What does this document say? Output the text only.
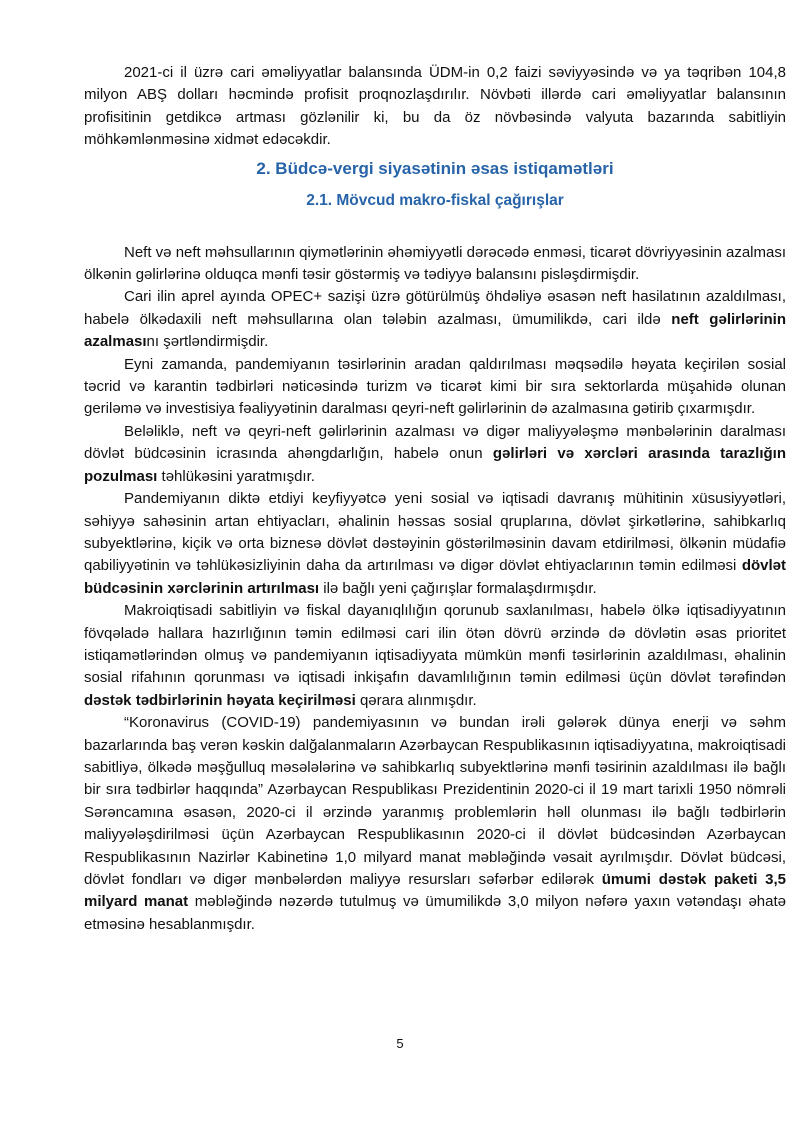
2021-ci il üzrə cari əməliyyatlar balansında ÜDM-in 0,2 faizi səviyyəsində və ya təqribən 104,8 milyon ABŞ dolları həcmində profisit proqnozlaşdırılır. Növbəti illərdə cari əməliyyatlar balansının profisitinin getdikcə artması gözlənilir ki, bu da öz növbəsində valyuta bazarında sabitliyin möhkəmlənməsinə xidmət edəcəkdir.

2. Büdcə-vergi siyasətinin əsas istiqamətləri

2.1. Mövcud makro-fiskal çağırışlar

Neft və neft məhsullarının qiymətlərinin əhəmiyyətli dərəcədə enməsi, ticarət dövriyyəsinin azalması ölkənin gəlirlərinə olduqca mənfi təsir göstərmiş və tədiyyə balansını pisləşdirmişdir.

Cari ilin aprel ayında OPEC+ sazişi üzrə götürülmüş öhdəliyə əsasən neft hasilatının azaldılması, habelə ölkədaxili neft məhsullarına olan tələbin azalması, ümumilikdə, cari ildə neft gəlirlərinin azalmasını şərtləndirmişdir.

Eyni zamanda, pandemiyanın təsirlərinin aradan qaldırılması məqsədilə həyata keçirilən sosial təcrid və karantin tədbirləri nəticəsində turizm və ticarət kimi bir sıra sektorlarda müşahidə olunan geriləmə və investisiya fəaliyyətinin daralması qeyri-neft gəlirlərinin də azalmasına gətirib çıxarmışdır.

Beləliklə, neft və qeyri-neft gəlirlərinin azalması və digər maliyyələşmə mənbələrinin daralması dövlət büdcəsinin icrasında ahəngdarlığın, habelə onun gəlirləri və xərcləri arasında tarazlığın pozulması təhlükəsini yaratmışdır.

Pandemiyanın diktə etdiyi keyfiyyətcə yeni sosial və iqtisadi davranış mühitinin xüsusiyyətləri, səhiyyə sahəsinin artan ehtiyacları, əhalinin həssas sosial qruplarına, dövlət şirkətlərinə, sahibkarlıq subyektlərinə, kiçik və orta biznesə dövlət dəstəyinin göstərilməsinin davam etdirilməsi, ölkənin müdafiə qabiliyyətinin və təhlükəsizliyinin daha da artırılması və digər dövlət ehtiyaclarının təmin edilməsi dövlət büdcəsinin xərclərinin artırılması ilə bağlı yeni çağırışlar formalaşdırmışdır.

Makroiqtisadi sabitliyin və fiskal dayanıqlılığın qorunub saxlanılması, habelə ölkə iqtisadiyyatının fövqəladə hallara hazırlığının təmin edilməsi cari ilin ötən dövrü ərzində də dövlətin əsas prioritet istiqamətlərindən olmuş və pandemiyanın iqtisadiyyata mümkün mənfi təsirlərinin azaldılması, əhalinin sosial rifahının qorunması və iqtisadi inkişafın davamlılığının təmin edilməsi üçün dövlət tərəfindən dəstək tədbirlərinin həyata keçirilməsi qərara alınmışdır.

“Koronavirus (COVID-19) pandemiyasının və bundan irəli gələrək dünya enerji və səhm bazarlarında baş verən kəskin dalğalanmaların Azərbaycan Respublikasının iqtisadiyyatına, makroiqtisadi sabitliyə, ölkədə məşğulluq məsələlərinə və sahibkarlıq subyektlərinə mənfi təsirinin azaldılması ilə bağlı bir sıra tədbirlər haqqında” Azərbaycan Respublikası Prezidentinin 2020-ci il 19 mart tarixli 1950 nömrəli Sərəncamına əsasən, 2020-ci il ərzində yaranmış problemlərin həll olunması ilə bağlı tədbirlərin maliyyələşdirilməsi üçün Azərbaycan Respublikasının 2020-ci il dövlət büdcəsindən Azərbaycan Respublikasının Nazirlər Kabinetinə 1,0 milyard manat məbləğində vəsait ayrılmışdır. Dövlət büdcəsi, dövlət fondları və digər mənbələrdən maliyyə resursları səfərbər edilərək ümumi dəstək paketi 3,5 milyard manat məbləğində nəzərdə tutulmuş və ümumilikdə 3,0 milyon nəfərə yaxın vətəndaşı əhatə etməsinə hesablanmışdır.

5
